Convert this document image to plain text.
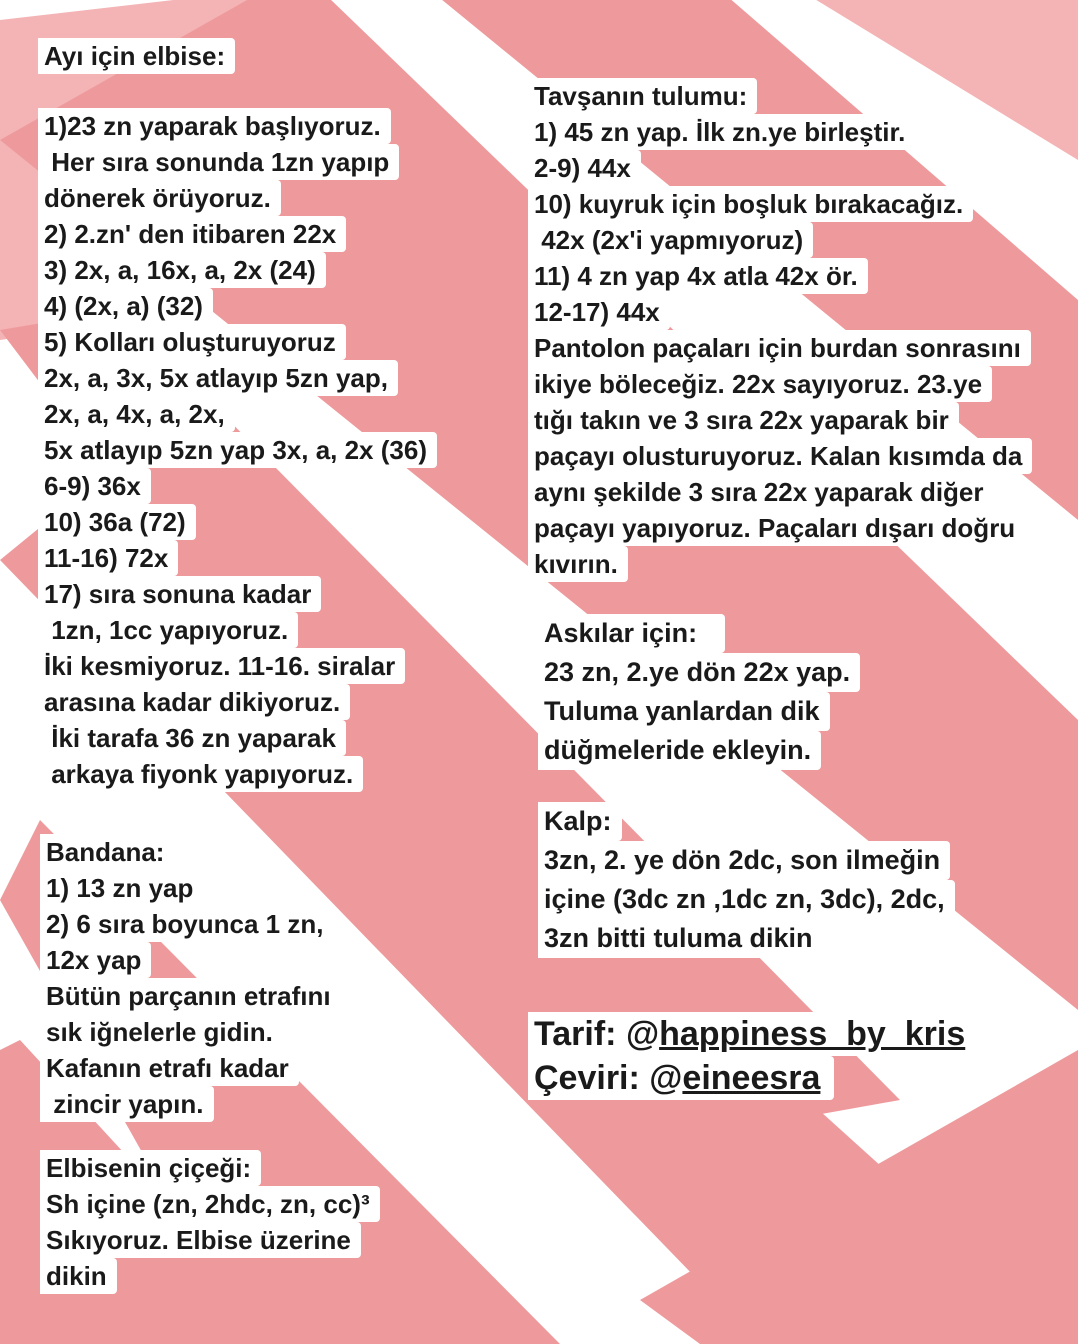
Ayı için elbise:
1)23 zn yaparak başlıyoruz.
Her sıra sonunda 1zn yapıp
dönerek örüyoruz.
2) 2.zn' den itibaren 22x
3) 2x, a, 16x, a, 2x (24)
4) (2x, a) (32)
5) Kolları oluşturuyoruz
2x, a, 3x, 5x atlayıp 5zn yap,
2x, a, 4x, a, 2x,
5x atlayıp 5zn yap 3x, a, 2x (36)
6-9) 36x
10) 36a (72)
11-16) 72x
17) sıra sonuna kadar
1zn, 1cc yapıyoruz.
İki kesmiyoruz. 11-16. siralar
arasına kadar dikiyoruz.
İki tarafa 36 zn yaparak
arkaya fiyonk yapıyoruz.
Bandana:
1) 13 zn yap
2) 6 sıra boyunca 1 zn,
12x yap
Bütün parçanın etrafını
sık iğnelerle gidin.
Kafanın etrafı kadar
zincir yapın.
Elbisenin çiçeği:
Sh içine (zn, 2hdc, zn, cc)³
Sıkıyoruz. Elbise üzerine
dikin
Tavşanın tulumu:
1) 45 zn yap. İlk zn.ye birleştir.
2-9) 44x
10) kuyruk için boşluk bırakacağız.
42x (2x'i yapmıyoruz)
11) 4 zn yap 4x atla 42x ör.
12-17) 44x
Pantolon paçaları için burdan sonrasını
ikiye böleceğiz. 22x sayıyoruz. 23.ye
tığı takın ve 3 sıra 22x yaparak bir
paçayı olusturuyoruz. Kalan kısımda da
aynı şekilde 3 sıra 22x yaparak diğer
paçayı yapıyoruz. Paçaları dışarı doğru
kıvırın.
Askılar için:
23 zn, 2.ye dön 22x yap.
Tuluma yanlardan dik
düğmeleride ekleyin.
Kalp:
3zn, 2. ye dön 2dc, son ilmeğin
içine (3dc zn ,1dc zn, 3dc), 2dc,
3zn bitti tuluma dikin
Tarif: @happiness_by_kris
Çeviri: @eineesra
